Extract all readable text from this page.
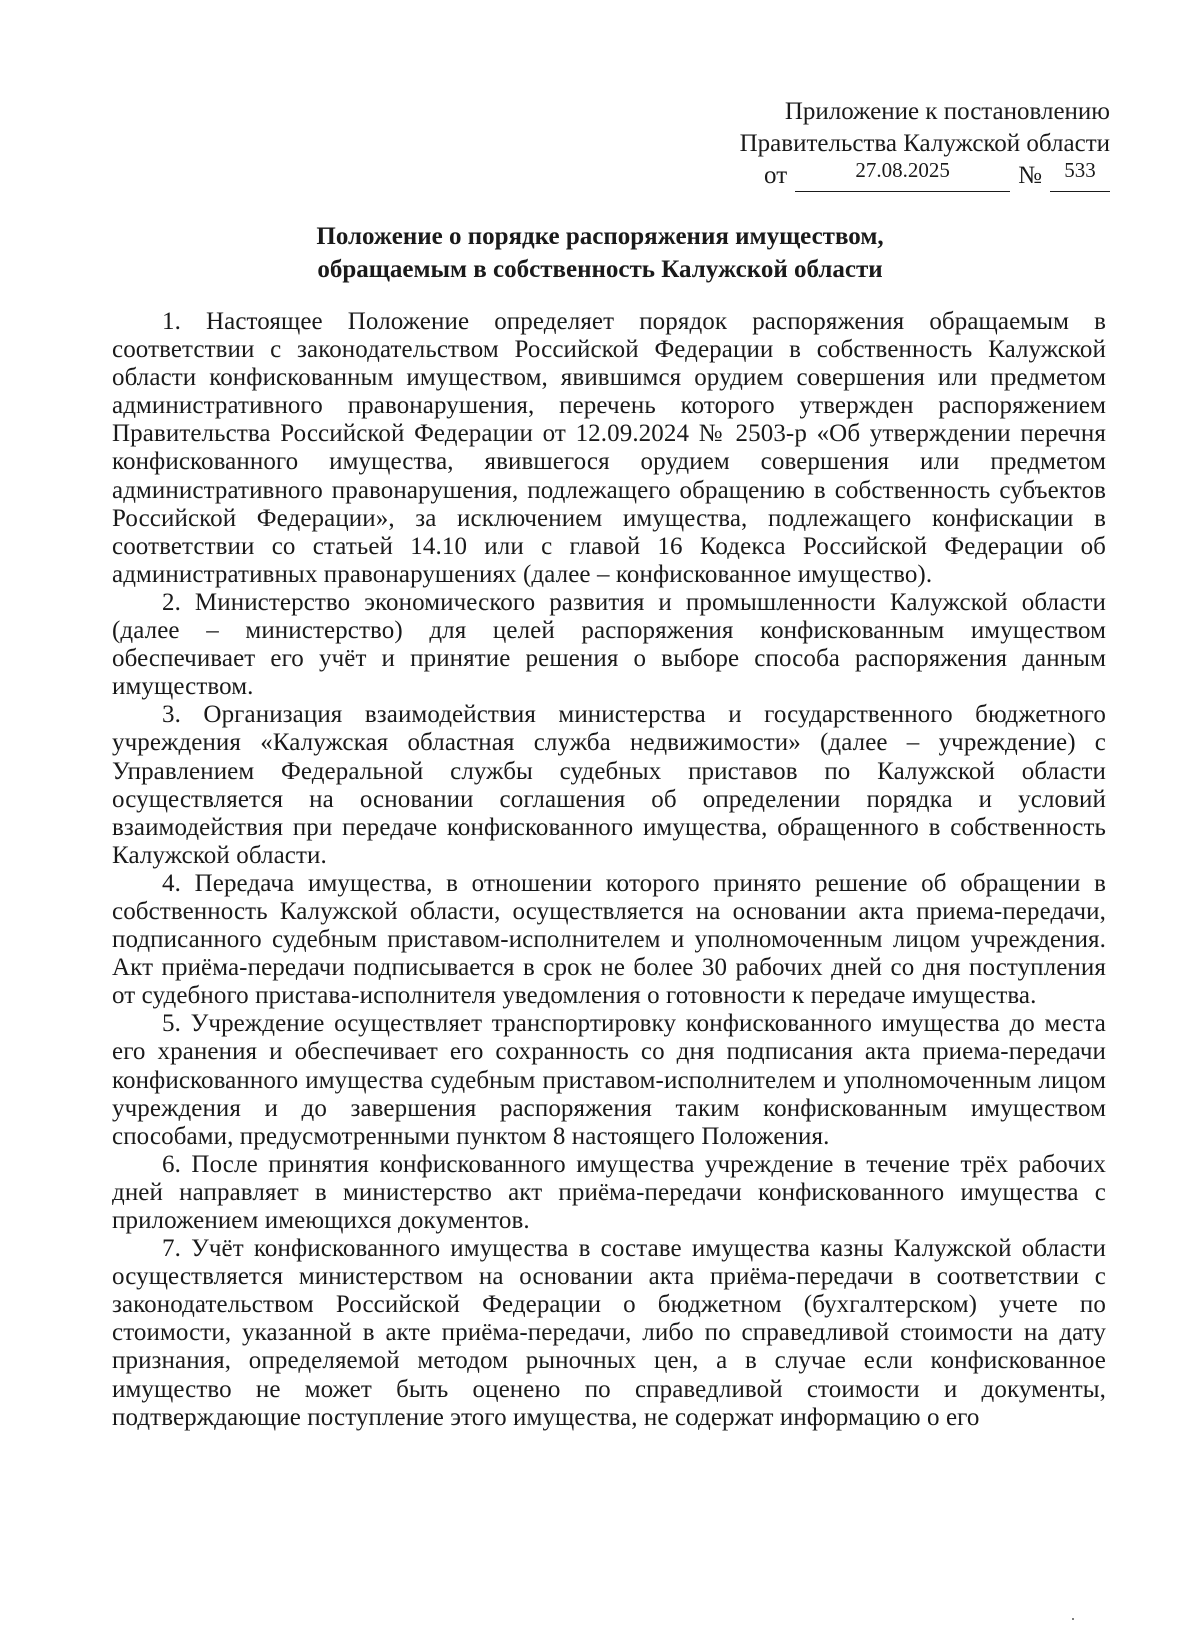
Приложение к постановлению
Правительства Калужской области
от	$^{27.08.2025}$	№	$^{533}$
Положение о порядке распоряжения имуществом,
обращаемым в собственность Калужской области

1. Настоящее Положение определяет порядок распоряжения обращаемым в соответствии с законодательством Российской Федерации в собственность Калужской области конфискованным имуществом, явившимся орудием совершения или предметом административного правонарушения, перечень которого утвержден распоряжением Правительства Российской Федерации от 12.09.2024 № 2503-р «Об утверждении перечня конфискованного имущества, явившегося орудием совершения или предметом административного правонарушения, подлежащего обращению в собственность субъектов Российской Федерации», за исключением имущества, подлежащего конфискации в соответствии со статьей 14.10 или с главой 16 Кодекса Российской Федерации об административных правонарушениях (далее – конфискованное имущество).

2. Министерство экономического развития и промышленности Калужской области (далее – министерство) для целей распоряжения конфискованным имуществом обеспечивает его учёт и принятие решения о выборе способа распоряжения данным имуществом.

3. Организация взаимодействия министерства и государственного бюджетного учреждения «Калужская областная служба недвижимости» (далее – учреждение) с Управлением Федеральной службы судебных приставов по Калужской области осуществляется на основании соглашения об определении порядка и условий взаимодействия при передаче конфискованного имущества, обращенного в собственность Калужской области.

4. Передача имущества, в отношении которого принято решение об обращении в собственность Калужской области, осуществляется на основании акта приема-передачи, подписанного судебным приставом-исполнителем и уполномоченным лицом учреждения. Акт приёма-передачи подписывается в срок не более 30 рабочих дней со дня поступления от судебного пристава-исполнителя уведомления о готовности к передаче имущества.

5. Учреждение осуществляет транспортировку конфискованного имущества до места его хранения и обеспечивает его сохранность со дня подписания акта приема-передачи конфискованного имущества судебным приставом-исполнителем и уполномоченным лицом учреждения и до завершения распоряжения таким конфискованным имуществом способами, предусмотренными пунктом 8 настоящего Положения.

6. После принятия конфискованного имущества учреждение в течение трёх рабочих дней направляет в министерство акт приёма-передачи конфискованного имущества с приложением имеющихся документов.

7. Учёт конфискованного имущества в составе имущества казны Калужской области осуществляется министерством на основании акта приёма-передачи в соответствии с законодательством Российской Федерации о бюджетном (бухгалтерском) учете по стоимости, указанной в акте приёма-передачи, либо по справедливой стоимости на дату признания, определяемой методом рыночных цен, а в случае если конфискованное имущество не может быть оценено по справедливой стоимости и документы, подтверждающие поступление этого имущества, не содержат информацию о его
